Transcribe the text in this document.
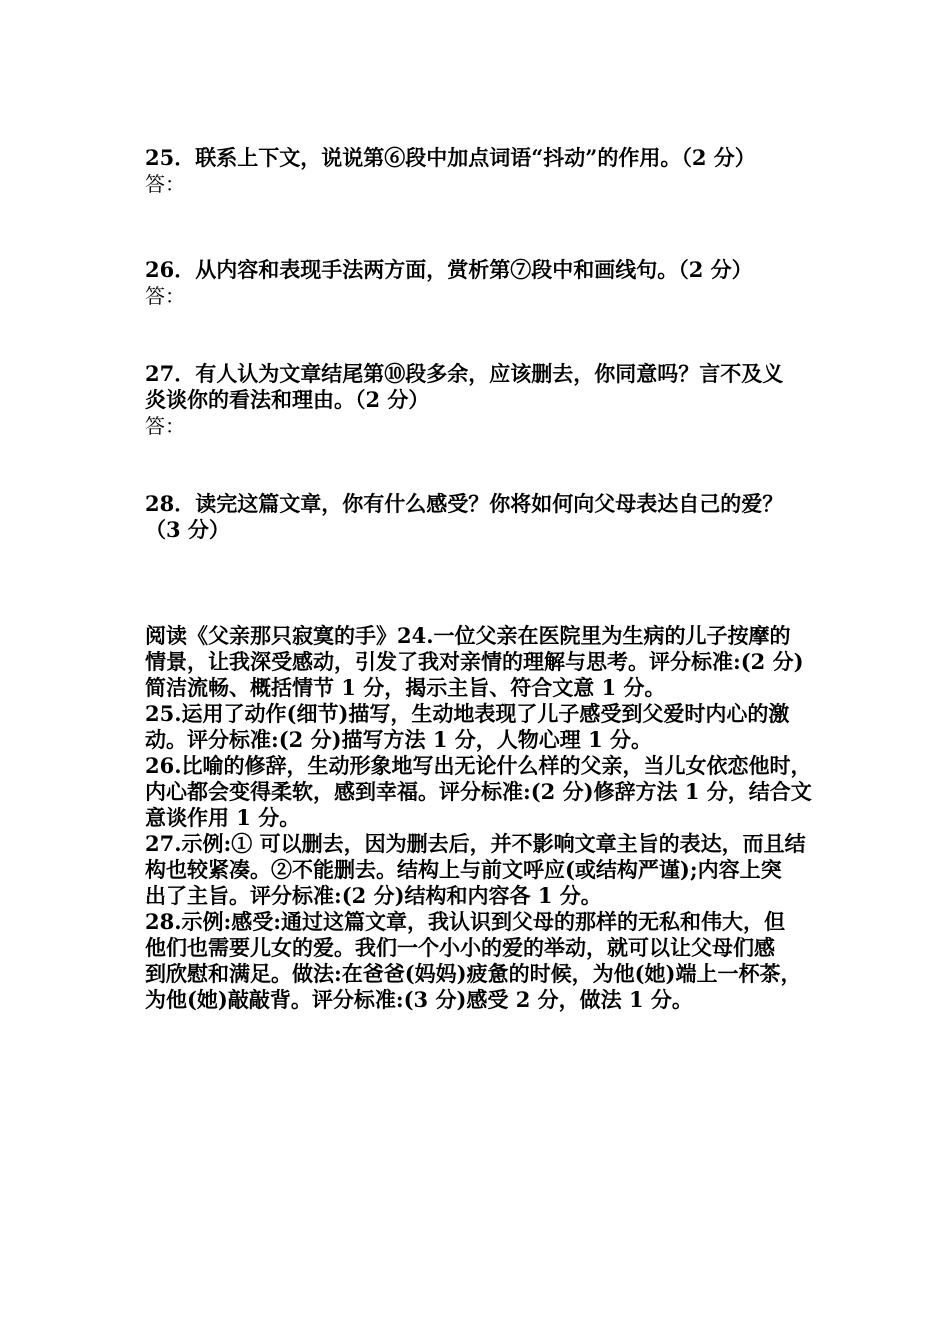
25．联系上下文，说说第⑥段中加点词语“抖动”的作用。（2 分）
答：
26．从内容和表现手法两方面，赏析第⑦段中和画线句。（2 分）
答：
27．有人认为文章结尾第⑩段多余，应该删去，你同意吗？言不及义
炎谈你的看法和理由。（2 分）
答：
28．读完这篇文章，你有什么感受？你将如何向父母表达自己的爱？
（3 分）
阅读《父亲那只寂寞的手》24.一位父亲在医院里为生病的儿子按摩的
情景，让我深受感动，引发了我对亲情的理解与思考。评分标准:(2 分)
简洁流畅、概括情节 1 分，揭示主旨、符合文意 1 分。
25.运用了动作(细节)描写，生动地表现了儿子感受到父爱时内心的激
动。评分标准:(2 分)描写方法 1 分，人物心理 1 分。
26.比喻的修辞，生动形象地写出无论什么样的父亲，当儿女依恋他时，
内心都会变得柔软，感到幸福。评分标准:(2 分)修辞方法 1 分，结合文
意谈作用 1 分。
27.示例:① 可以删去，因为删去后，并不影响文章主旨的表达，而且结
构也较紧凑。②不能删去。结构上与前文呼应(或结构严谨);内容上突
出了主旨。评分标准:(2 分)结构和内容各 1 分。
28.示例:感受:通过这篇文章，我认识到父母的那样的无私和伟大，但
他们也需要儿女的爱。我们一个小小的爱的举动，就可以让父母们感
到欣慰和满足。做法:在爸爸(妈妈)疲惫的时候，为他(她)端上一杯茶，
为他(她)敲敲背。评分标准:(3 分)感受 2 分，做法 1 分。
